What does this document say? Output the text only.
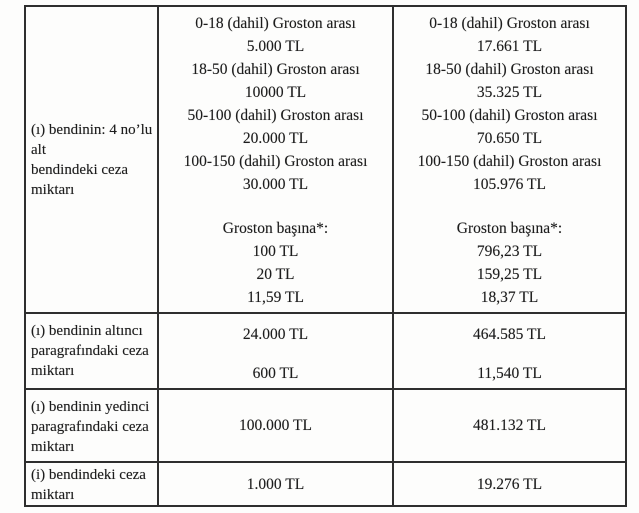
(ı) bendinin: 4 no’lu alt
bendindeki ceza miktarı
0-18 (dahil) Groston arası
5.000 TL
18-50 (dahil) Groston arası
10000 TL
50-100 (dahil) Groston arası
20.000 TL
100-150 (dahil) Groston arası
30.000 TL
Groston başına*:
100 TL
20 TL
11,59 TL
0-18 (dahil) Groston arası
17.661 TL
18-50 (dahil) Groston arası
35.325 TL
50-100 (dahil) Groston arası
70.650 TL
100-150 (dahil) Groston arası
105.976 TL
Groston başına*:
796,23 TL
159,25 TL
18,37 TL
(ı) bendinin altıncı
paragrafındaki ceza
miktarı
24.000 TL
600 TL
464.585 TL
11,540 TL
(ı) bendinin yedinci
paragrafındaki ceza
miktarı
100.000 TL	481.132 TL
(i) bendindeki ceza
miktarı
1.000 TL	19.276 TL
